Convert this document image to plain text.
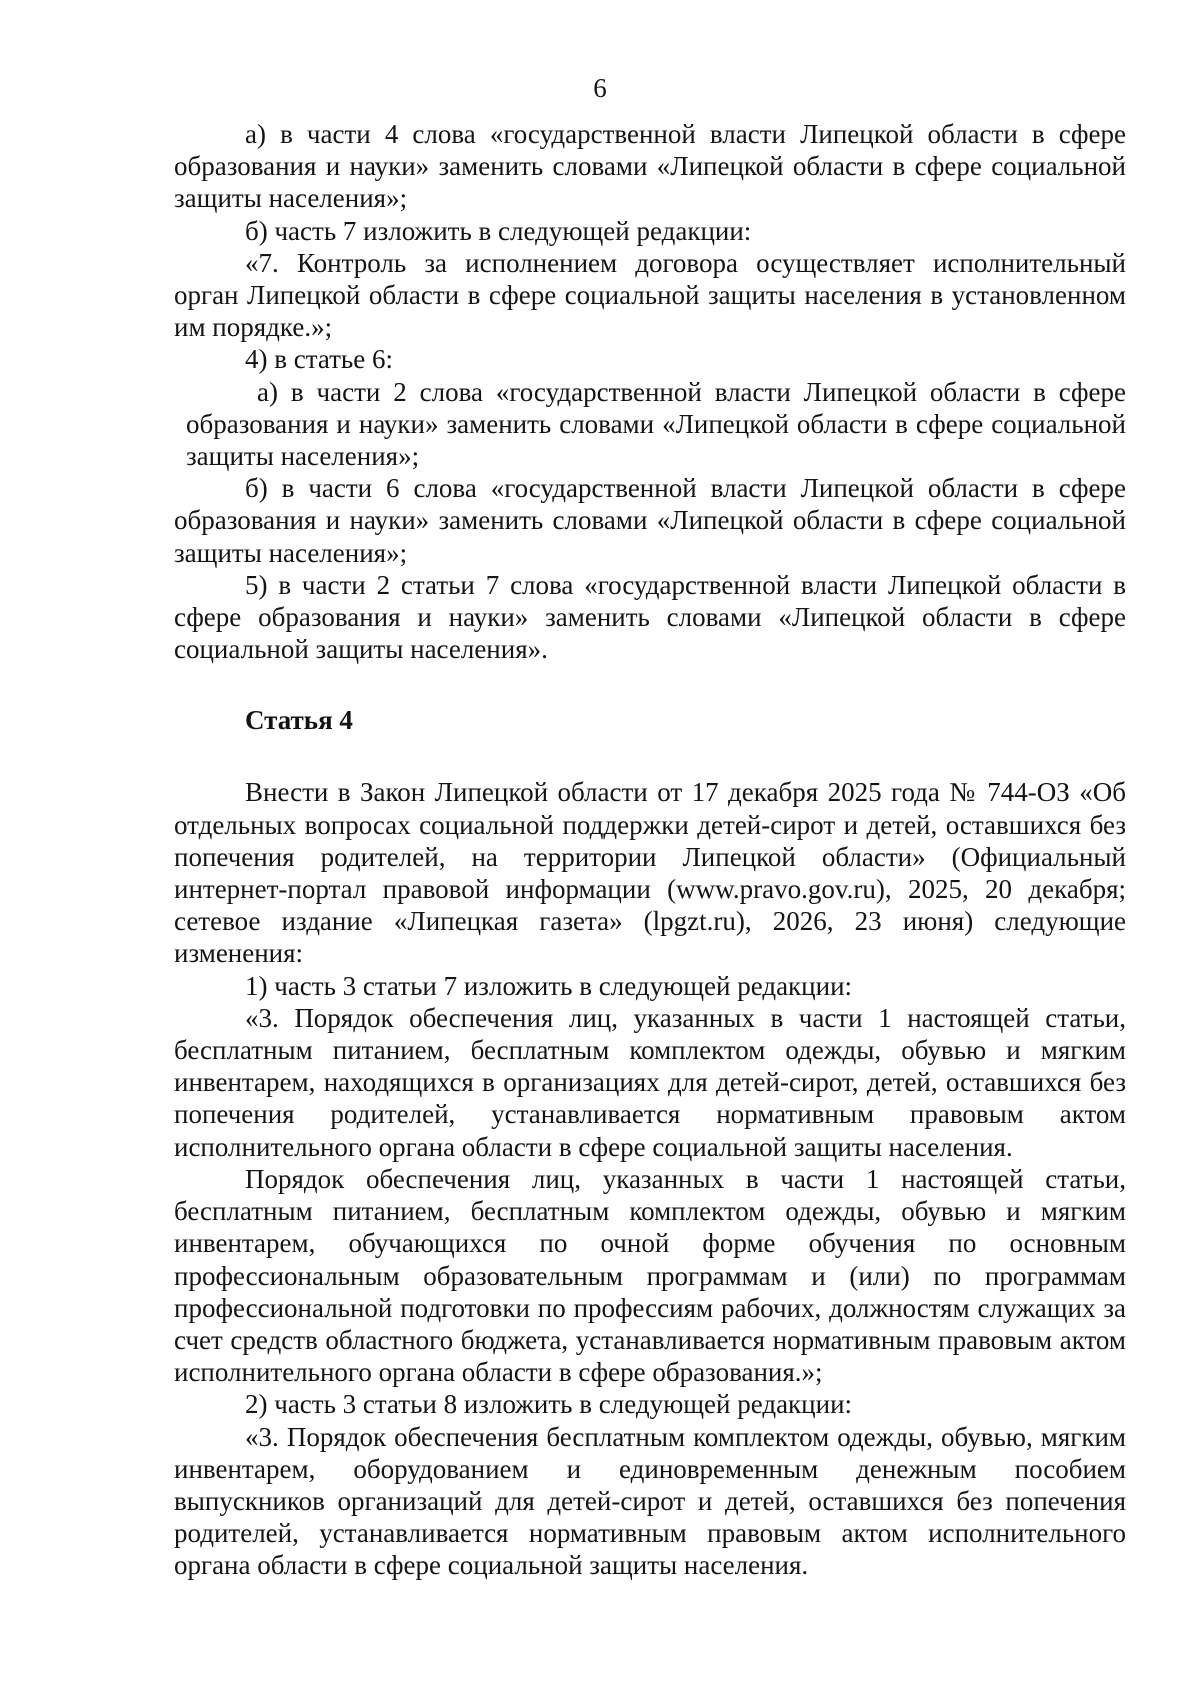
6

а) в части 4 слова «государственной власти Липецкой области в сфере образования и науки» заменить словами «Липецкой области в сфере социальной защиты населения»;

б) часть 7 изложить в следующей редакции:

«7. Контроль за исполнением договора осуществляет исполнительный орган Липецкой области в сфере социальной защиты населения в установленном им порядке.»;

4) в статье 6:

а) в части 2 слова «государственной власти Липецкой области в сфере образования и науки» заменить словами «Липецкой области в сфере социальной защиты населения»;

б) в части 6 слова «государственной власти Липецкой области в сфере образования и науки» заменить словами «Липецкой области в сфере социальной защиты населения»;

5) в части 2 статьи 7 слова «государственной власти Липецкой области в сфере образования и науки» заменить словами «Липецкой области в сфере социальной защиты населения».

Статья 4

Внести в Закон Липецкой области от 17 декабря 2025 года № 744-ОЗ «Об отдельных вопросах социальной поддержки детей-сирот и детей, оставшихся без попечения родителей, на территории Липецкой области» (Официальный интернет-портал правовой информации (www.pravo.gov.ru), 2025, 20 декабря; сетевое издание «Липецкая газета» (lpgzt.ru), 2026, 23 июня) следующие изменения:

1) часть 3 статьи 7 изложить в следующей редакции:

«3. Порядок обеспечения лиц, указанных в части 1 настоящей статьи, бесплатным питанием, бесплатным комплектом одежды, обувью и мягким инвентарем, находящихся в организациях для детей-сирот, детей, оставшихся без попечения родителей, устанавливается нормативным правовым актом исполнительного органа области в сфере социальной защиты населения.

Порядок обеспечения лиц, указанных в части 1 настоящей статьи, бесплатным питанием, бесплатным комплектом одежды, обувью и мягким инвентарем, обучающихся по очной форме обучения по основным профессиональным образовательным программам и (или) по программам профессиональной подготовки по профессиям рабочих, должностям служащих за счет средств областного бюджета, устанавливается нормативным правовым актом исполнительного органа области в сфере образования.»;

2) часть 3 статьи 8 изложить в следующей редакции:

«3. Порядок обеспечения бесплатным комплектом одежды, обувью, мягким инвентарем, оборудованием и единовременным денежным пособием выпускников организаций для детей-сирот и детей, оставшихся без попечения родителей, устанавливается нормативным правовым актом исполнительного органа области в сфере социальной защиты населения.
